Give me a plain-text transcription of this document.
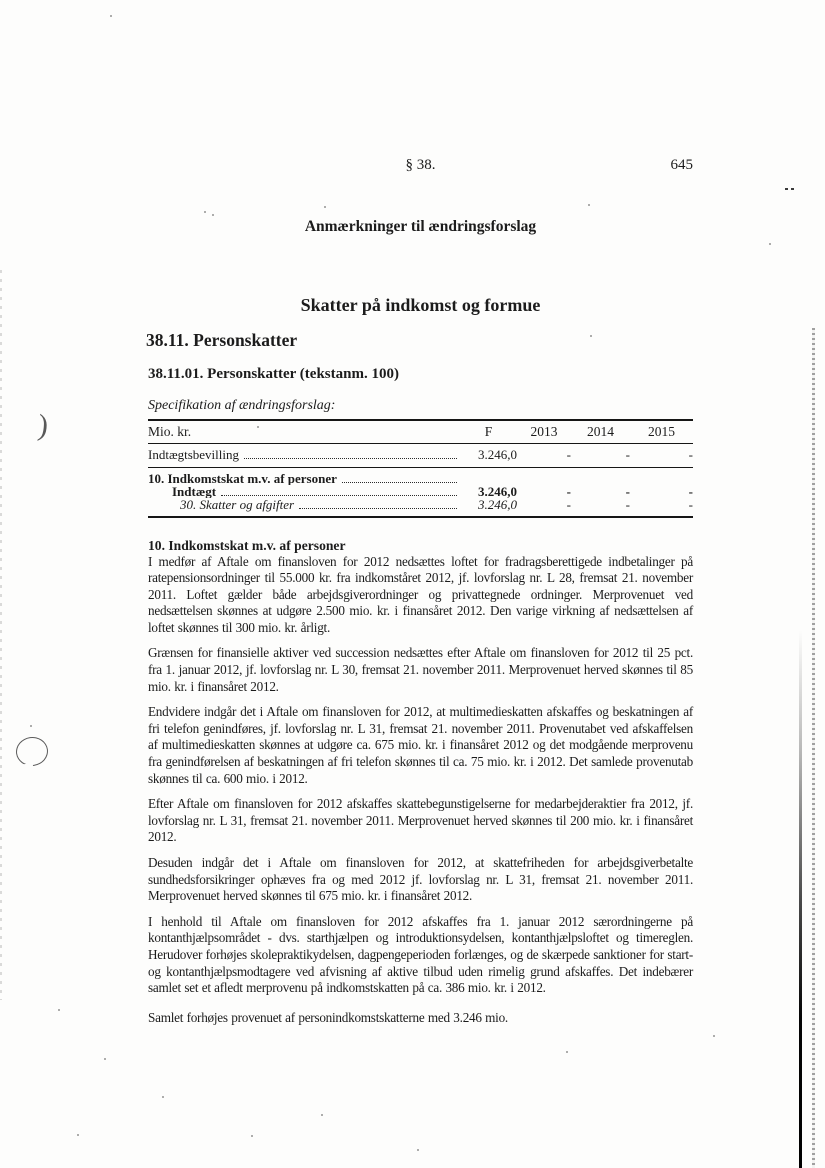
§ 38.	645
Anmærkninger til ændringsforslag
Skatter på indkomst og formue
38.11. Personskatter
38.11.01. Personskatter (tekstanm. 100)
Specifikation af ændringsforslag:
Mio. kr.	F	2013	2014	2015
Indtægtsbevilling	3.246,0	-	-	-
10. Indkomstskat m.v. af personer
Indtægt	3.246,0	-	-	-
30. Skatter og afgifter	3.246,0	-	-	-
10. Indkomstskat m.v. af personer

I medfør af Aftale om finansloven for 2012 nedsættes loftet for fradragsberettigede indbetalinger på ratepensionsordninger til 55.000 kr. fra indkomståret 2012, jf. lovforslag nr. L 28, fremsat 21. november 2011. Loftet gælder både arbejdsgiverordninger og privattegnede ordninger. Merprovenuet ved nedsættelsen skønnes at udgøre 2.500 mio. kr. i finansåret 2012. Den varige virkning af nedsættelsen af loftet skønnes til 300 mio. kr. årligt.

Grænsen for finansielle aktiver ved succession nedsættes efter Aftale om finansloven for 2012 til 25 pct. fra 1. januar 2012, jf. lovforslag nr. L 30, fremsat 21. november 2011. Merprovenuet herved skønnes til 85 mio. kr. i finansåret 2012.

Endvidere indgår det i Aftale om finansloven for 2012, at multimedieskatten afskaffes og beskatningen af fri telefon genindføres, jf. lovforslag nr. L 31, fremsat 21. november 2011. Provenutabet ved afskaffelsen af multimedieskatten skønnes at udgøre ca. 675 mio. kr. i finansåret 2012 og det modgående merprovenu fra genindførelsen af beskatningen af fri telefon skønnes til ca. 75 mio. kr. i 2012. Det samlede provenutab skønnes til ca. 600 mio. i 2012.

Efter Aftale om finansloven for 2012 afskaffes skattebegunstigelserne for medarbejderaktier fra 2012, jf. lovforslag nr. L 31, fremsat 21. november 2011. Merprovenuet herved skønnes til 200 mio. kr. i finansåret 2012.

Desuden indgår det i Aftale om finansloven for 2012, at skattefriheden for arbejdsgiverbetalte sundhedsforsikringer ophæves fra og med 2012 jf. lovforslag nr. L 31, fremsat 21. november 2011. Merprovenuet herved skønnes til 675 mio. kr. i finansåret 2012.

I henhold til Aftale om finansloven for 2012 afskaffes fra 1. januar 2012 særordningerne på kontanthjælpsområdet - dvs. starthjælpen og introduktionsydelsen, kontanthjælpsloftet og timereglen. Herudover forhøjes skolepraktikydelsen, dagpengeperioden forlænges, og de skærpede sanktioner for start- og kontanthjælpsmodtagere ved afvisning af aktive tilbud uden rimelig grund afskaffes. Det indebærer samlet set et afledt merprovenu på indkomstskatten på ca. 386 mio. kr. i 2012.

Samlet forhøjes provenuet af personindkomstskatterne med 3.246 mio.

)
